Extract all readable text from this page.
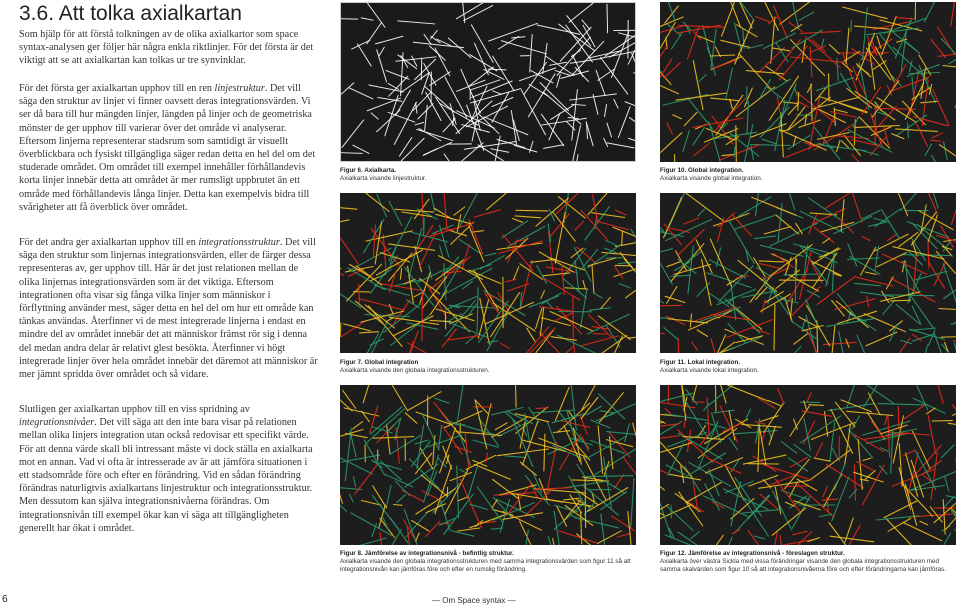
3.6. Att tolka axialkartan

Som hjälp för att förstå tolkningen av de olika axialkartor som space syntax-analysen ger följer här några enkla riktlinjer. För det första är det viktigt att se att axialkartan kan tolkas ur tre synvinklar.

För det första ger axialkartan upphov till en ren linjestruktur. Det vill säga den struktur av linjer vi finner oavsett deras integrationsvärden. Vi ser då bara till hur mängden linjer, längden på linjer och de geometriska mönster de ger upphov till varierar över det område vi analyserar. Eftersom linjerna representerar stadsrum som samtidigt är visuellt överblickbara och fysiskt tillgängliga säger redan detta en hel del om det studerade området. Om området till exempel innehåller förhållandevis korta linjer innebär detta att området är mer rumsligt uppbrutet än ett område med förhållandevis långa linjer. Detta kan exempelvis bidra till svårigheter att få överblick över området.

För det andra ger axialkartan upphov till en integrationsstruktur. Det vill säga den struktur som linjernas integrationsvärden, eller de färger dessa representeras av, ger upphov till. Här är det just relationen mellan de olika linjernas integrationsvärden som är det viktiga. Eftersom integrationen ofta visar sig fånga vilka linjer som människor i förflyttning använder mest, säger detta en hel del om hur ett område kan tänkas användas. Återfinner vi de mest integrerade linjerna i endast en mindre del av området innebär det att människor främst rör sig i denna del medan andra delar är relativt glest besökta. Återfinner vi högt integrerade linjer över hela området innebär det däremot att människor är mer jämnt spridda över området och så vidare.

Slutligen ger axialkartan upphov till en viss spridning av integrationsnivåer. Det vill säga att den inte bara visar på relationen mellan olika linjers integration utan också redovisar ett specifikt värde. För att denna värde skall bli intressant måste vi dock ställa en axialkarta mot en annan. Vad vi ofta är intresserade av är att jämföra situationen i ett stadsområde före och efter en förändring. Vid en sådan förändring förändras naturligtvis axialkartans linjestruktur och integrationsstruktur. Men dessutom kan själva integrationsnivåerna förändras. Om integrationsnivån till exempel ökar kan vi säga att tillgängligheten generellt har ökat i området.

Figur 6. Axialkarta.
Axialkarta visande linjestruktur.

Figur 10. Global integration.
Axialkarta visande global integration.

Figur 7. Global integration
Axialkarta visande den globala integrationsstrukturen.

Figur 11. Lokal integration.
Axialkarta visande lokal integration.

Figur 8. Jämförelse av integrationsnivå - befintlig struktur.
Axialkarta visande den globala integrationsstrukturen med samma integrationsvärden som figur 11 så att integrationsnivån kan jämföras före och efter en rumslig förändring.

Figur 12. Jämförelse av integrationsnivå - föreslagen struktur.
Axialkarta över västra Sickla med vissa förändringar visande den globala integrationsstrukturen med samma skalvärden som figur 10 så att integrationsnivåerna före och efter förändringarna kan jämföras.

6	— Om Space syntax —
